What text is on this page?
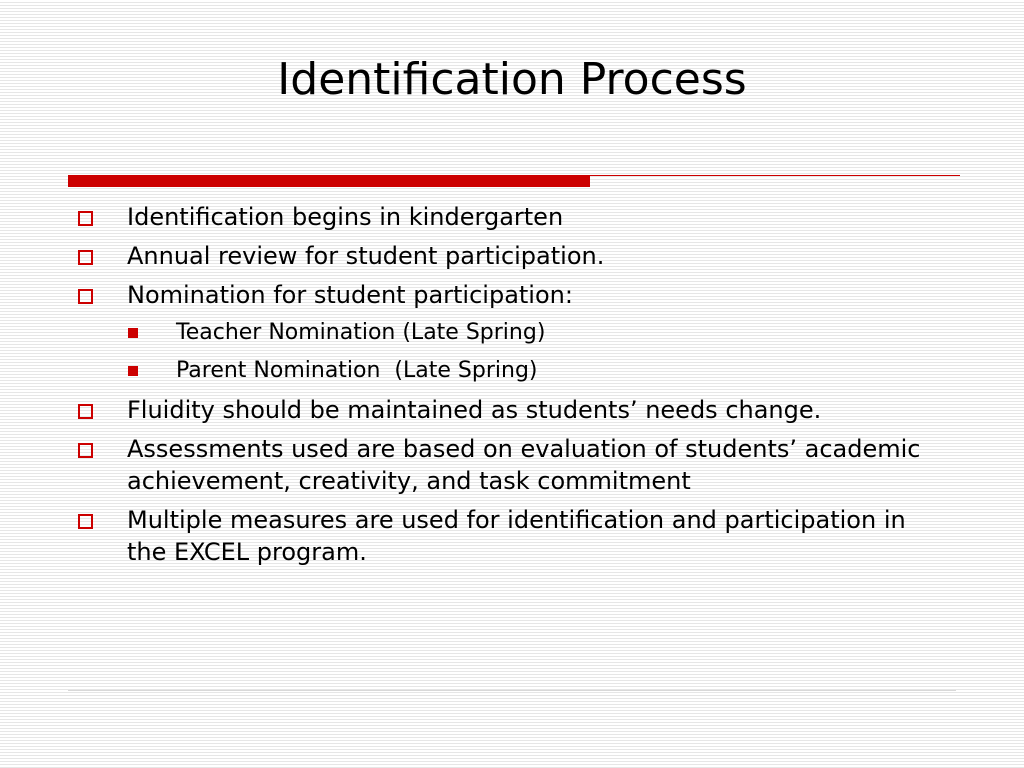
Identification Process
Identification begins in kindergarten
Annual review for student participation.
Nomination for student participation:
Teacher Nomination (Late Spring)
Parent Nomination  (Late Spring)
Fluidity should be maintained as students’ needs change.
Assessments used are based on evaluation of students’ academic achievement, creativity, and task commitment
Multiple measures are used for identification and participation in the EXCEL program.
